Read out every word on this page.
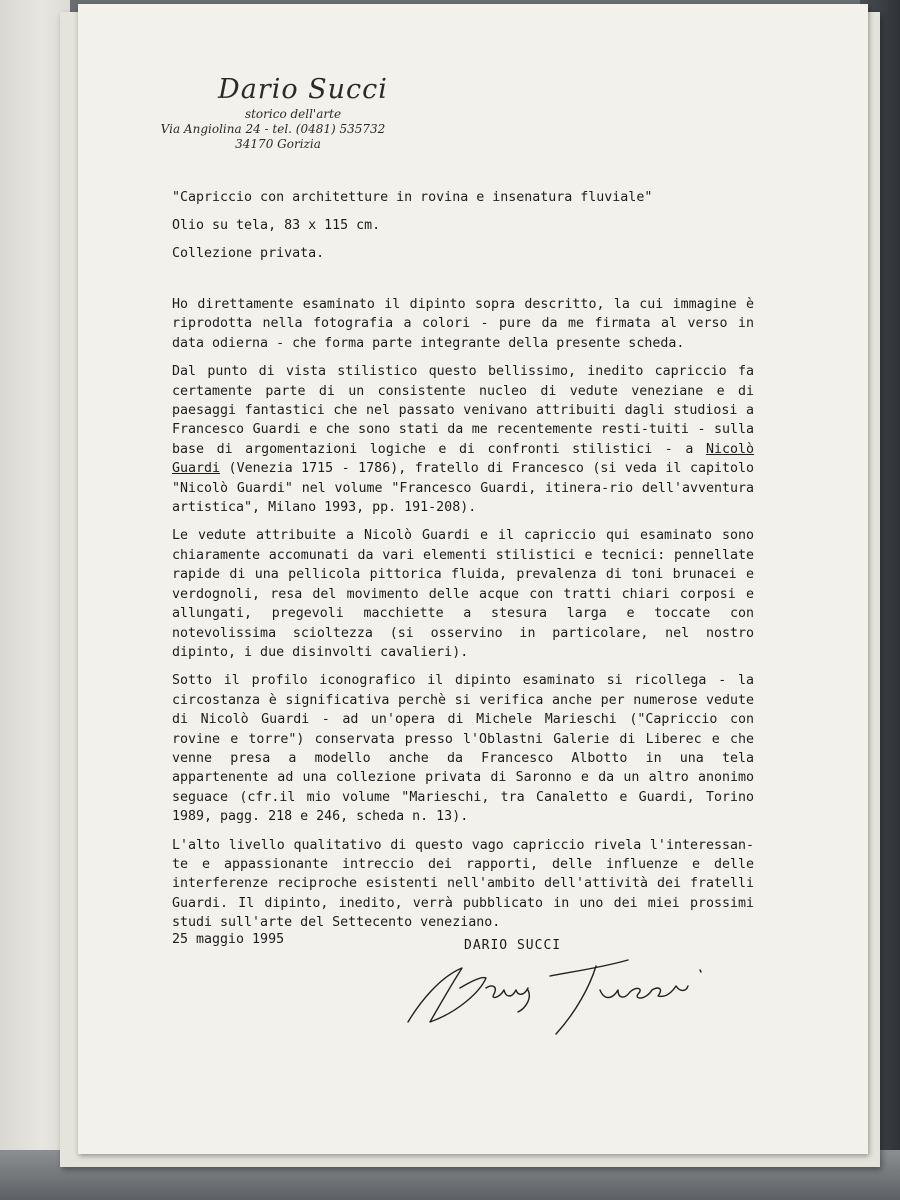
Dario Succi
storico dell'arte
Via Angiolina 24 - tel. (0481) 535732
34170 Gorizia
"Capriccio con architetture in rovina e insenatura fluviale"
Olio su tela, 83 x 115 cm.
Collezione privata.

Ho direttamente esaminato il dipinto sopra descritto, la cui immagine è riprodotta nella fotografia a colori - pure da me firmata al verso in data odierna - che forma parte integrante della presente scheda.

Dal punto di vista stilistico questo bellissimo, inedito capriccio fa certamente parte di un consistente nucleo di vedute veneziane e di paesaggi fantastici che nel passato venivano attribuiti dagli studiosi a Francesco Guardi e che sono stati da me recentemente resti-tuiti - sulla base di argomentazioni logiche e di confronti stilistici - a Nicolò Guardi (Venezia 1715 - 1786), fratello di Francesco (si veda il capitolo "Nicolò Guardi" nel volume "Francesco Guardi, itinera-rio dell'avventura artistica", Milano 1993, pp. 191-208).

Le vedute attribuite a Nicolò Guardi e il capriccio qui esaminato sono chiaramente accomunati da vari elementi stilistici e tecnici: pennellate rapide di una pellicola pittorica fluida, prevalenza di toni brunacei e verdognoli, resa del movimento delle acque con tratti chiari corposi e allungati, pregevoli macchiette a stesura larga e toccate con notevolissima scioltezza (si osservino in particolare, nel nostro dipinto, i due disinvolti cavalieri).

Sotto il profilo iconografico il dipinto esaminato si ricollega - la circostanza è significativa perchè si verifica anche per numerose vedute di Nicolò Guardi - ad un'opera di Michele Marieschi ("Capriccio con rovine e torre") conservata presso l'Oblastni Galerie di Liberec e che venne presa a modello anche da Francesco Albotto in una tela appartenente ad una collezione privata di Saronno e da un altro anonimo seguace (cfr.il mio volume "Marieschi, tra Canaletto e Guardi, Torino 1989, pagg. 218 e 246, scheda n. 13).

L'alto livello qualitativo di questo vago capriccio rivela l'interessan-te e appassionante intreccio dei rapporti, delle influenze e delle interferenze reciproche esistenti nell'ambito dell'attività dei fratelli Guardi. Il dipinto, inedito, verrà pubblicato in uno dei miei prossimi studi sull'arte del Settecento veneziano.

25 maggio 1995	DARIO SUCCI
